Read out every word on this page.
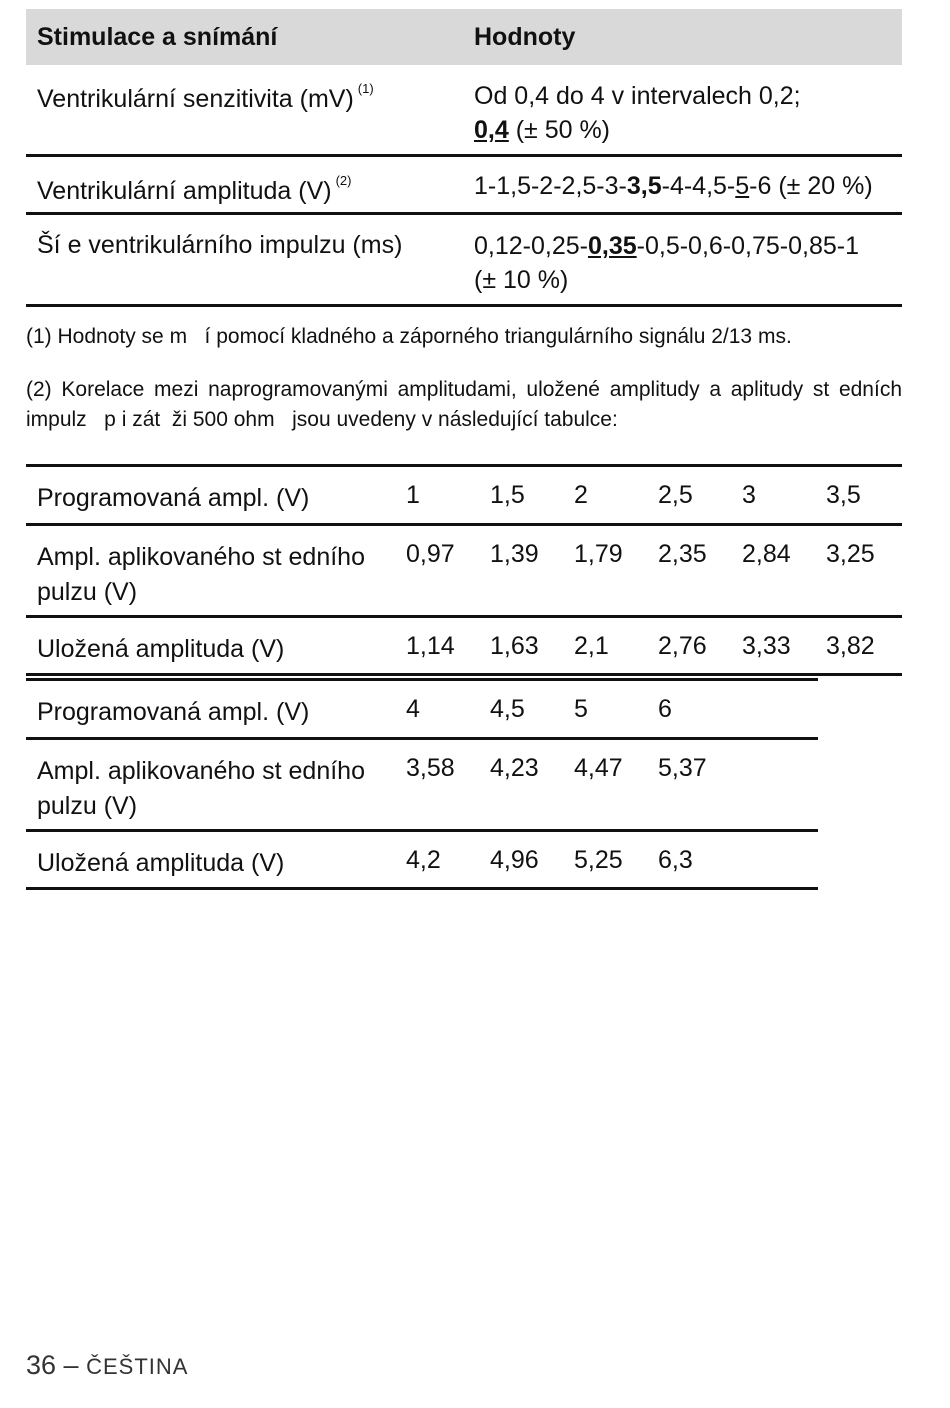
Stimulace a snímání	Hodnoty
Ventrikulární senzitivita (mV) $^{(1)}$	Od 0,4 do 4 v intervalech 0,2;
0,4 (± 50 %)
Ventrikulární amplituda (V) $^{(2)}$	1-1,5-2-2,5-3-3,5-4-4,5-5-6 (± 20 %)
Ší e ventrikulárního impulzu (ms)	0,12-0,25-0,35-0,5-0,6-0,75-0,85-1
(± 10 %)
(1) Hodnoty se m   í pomocí kladného a záporného triangulárního signálu 2/13 ms.
(2) Korelace mezi naprogramovanými amplitudami, uložené amplitudy a aplitudy st edních impulz   p i zát  ži 500 ohm   jsou uvedeny v následující tabulce:
Programovaná ampl. (V)	1	1,5 2	2,5 3	3,5
Ampl. aplikovaného st edního
pulzu (V)
0,97 1,39 1,79 2,35 2,84 3,25
Uložená amplituda (V)	1,14 1,63 2,1 2,76 3,33 3,82
Programovaná ampl. (V)	4	4,5 5	6
Ampl. aplikovaného st edního
pulzu (V)
3,58 4,23 4,47 5,37
Uložená amplituda (V)	4,2 4,96 5,25 6,3
36 – ČEŠTINA
